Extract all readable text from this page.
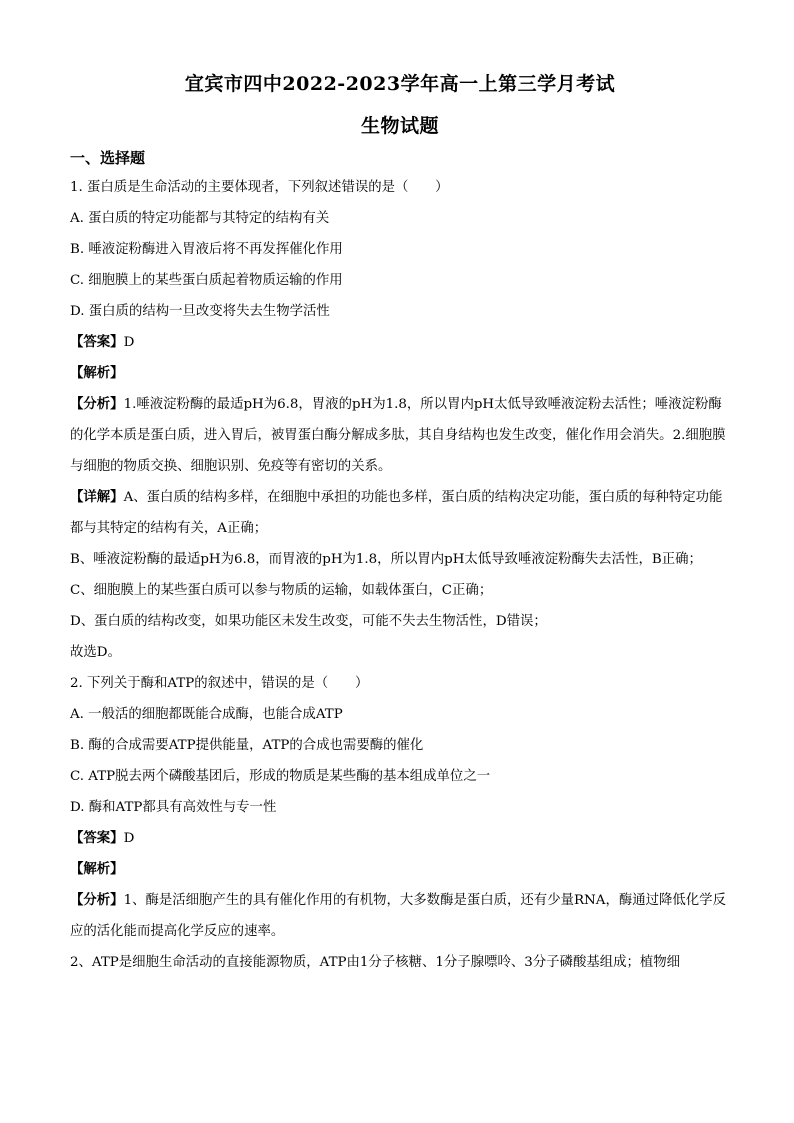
宜宾市四中2022-2023学年高一上第三学月考试
生物试题
一、选择题

1. 蛋白质是生命活动的主要体现者，下列叙述错误的是（　　）

A. 蛋白质的特定功能都与其特定的结构有关

B. 唾液淀粉酶进入胃液后将不再发挥催化作用

C. 细胞膜上的某些蛋白质起着物质运输的作用

D. 蛋白质的结构一旦改变将失去生物学活性

【答案】D

【解析】

【分析】1.唾液淀粉酶的最适pH为6.8，胃液的pH为1.8，所以胃内pH太低导致唾液淀粉去活性；唾液淀粉酶的化学本质是蛋白质，进入胃后，被胃蛋白酶分解成多肽，其自身结构也发生改变，催化作用会消失。2.细胞膜与细胞的物质交换、细胞识别、免疫等有密切的关系。

【详解】A、蛋白质的结构多样，在细胞中承担的功能也多样，蛋白质的结构决定功能，蛋白质的每种特定功能都与其特定的结构有关，A正确；

B、唾液淀粉酶的最适pH为6.8，而胃液的pH为1.8，所以胃内pH太低导致唾液淀粉酶失去活性，B正确；

C、细胞膜上的某些蛋白质可以参与物质的运输，如载体蛋白，C正确；

D、蛋白质的结构改变，如果功能区未发生改变，可能不失去生物活性，D错误；

故选D。

2. 下列关于酶和ATP的叙述中，错误的是（　　）

A. 一般活的细胞都既能合成酶，也能合成ATP

B. 酶的合成需要ATP提供能量，ATP的合成也需要酶的催化

C. ATP脱去两个磷酸基团后，形成的物质是某些酶的基本组成单位之一

D. 酶和ATP都具有高效性与专一性

【答案】D

【解析】

【分析】1、酶是活细胞产生的具有催化作用的有机物，大多数酶是蛋白质，还有少量RNA，酶通过降低化学反应的活化能而提高化学反应的速率。

2、ATP是细胞生命活动的直接能源物质，ATP由1分子核糖、1分子腺嘌呤、3分子磷酸基组成；植物细
